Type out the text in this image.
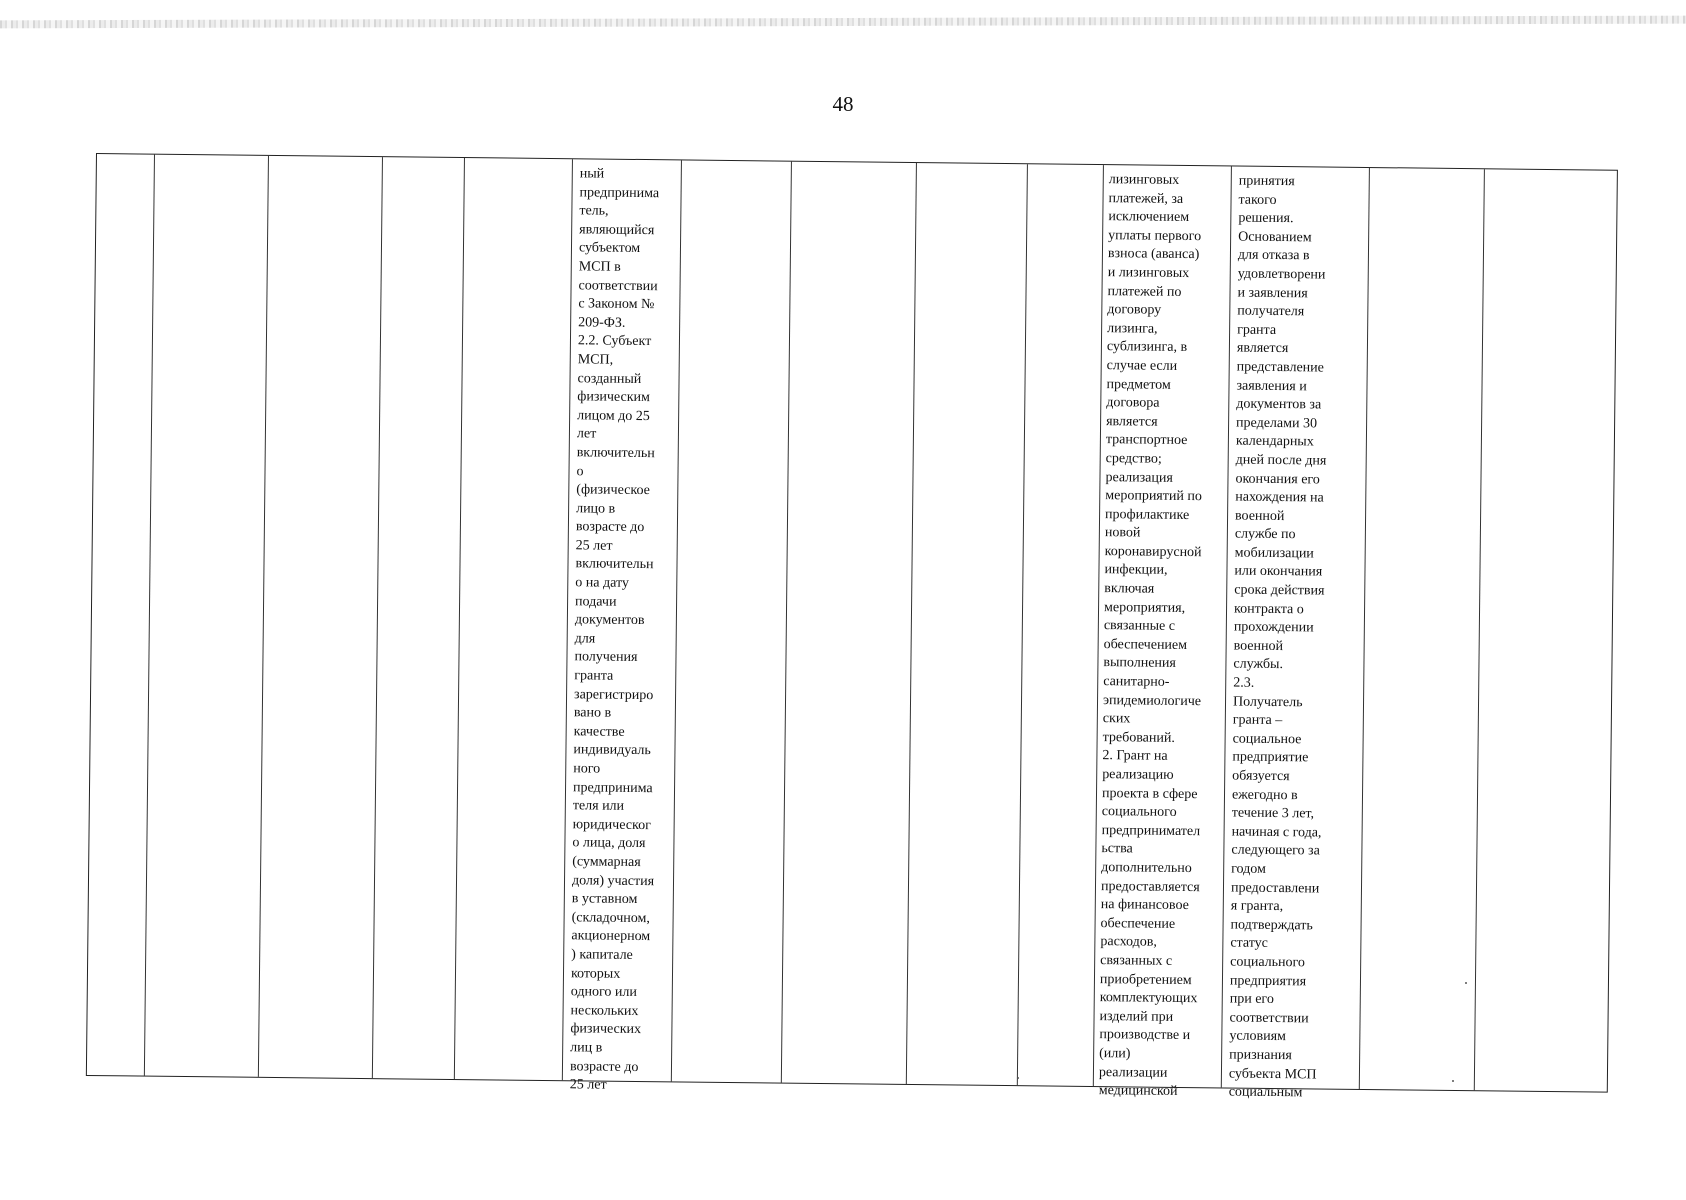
48
ный
предпринима
тель,
являющийся
субъектом
МСП в
соответствии
с Законом №
209-ФЗ.
2.2. Субъект
МСП,
созданный
физическим
лицом до 25
лет
включительн
о
(физическое
лицо в
возрасте до
25 лет
включительн
о на дату
подачи
документов
для
получения
гранта
зарегистриро
вано в
качестве
индивидуаль
ного
предпринима
теля или
юридическог
о лица, доля
(суммарная
доля) участия
в уставном
(складочном,
акционерном
) капитале
которых
одного или
нескольких
физических
лиц в
возрасте до
25 лет
лизинговых
платежей, за
исключением
уплаты первого
взноса (аванса)
и лизинговых
платежей по
договору
лизинга,
сублизинга, в
случае если
предметом
договора
является
транспортное
средство;
реализация
мероприятий по
профилактике
новой
коронавирусной
инфекции,
включая
мероприятия,
связанные с
обеспечением
выполнения
санитарно-
эпидемиологиче
ских
требований.
2. Грант на
реализацию
проекта в сфере
социального
предпринимател
ьства
дополнительно
предоставляется
на финансовое
обеспечение
расходов,
связанных с
приобретением
комплектующих
изделий при
производстве и
(или)
реализации
медицинской
принятия
такого
решения.
Основанием
для отказа в
удовлетворени
и заявления
получателя
гранта
является
представление
заявления и
документов за
пределами 30
календарных
дней после дня
окончания его
нахождения на
военной
службе по
мобилизации
или окончания
срока действия
контракта о
прохождении
военной
службы.
2.3.
Получатель
гранта –
социальное
предприятие
обязуется
ежегодно в
течение 3 лет,
начиная с года,
следующего за
годом
предоставлени
я гранта,
подтверждать
статус
социального
предприятия
при его
соответствии
условиям
признания
субъекта МСП
социальным
